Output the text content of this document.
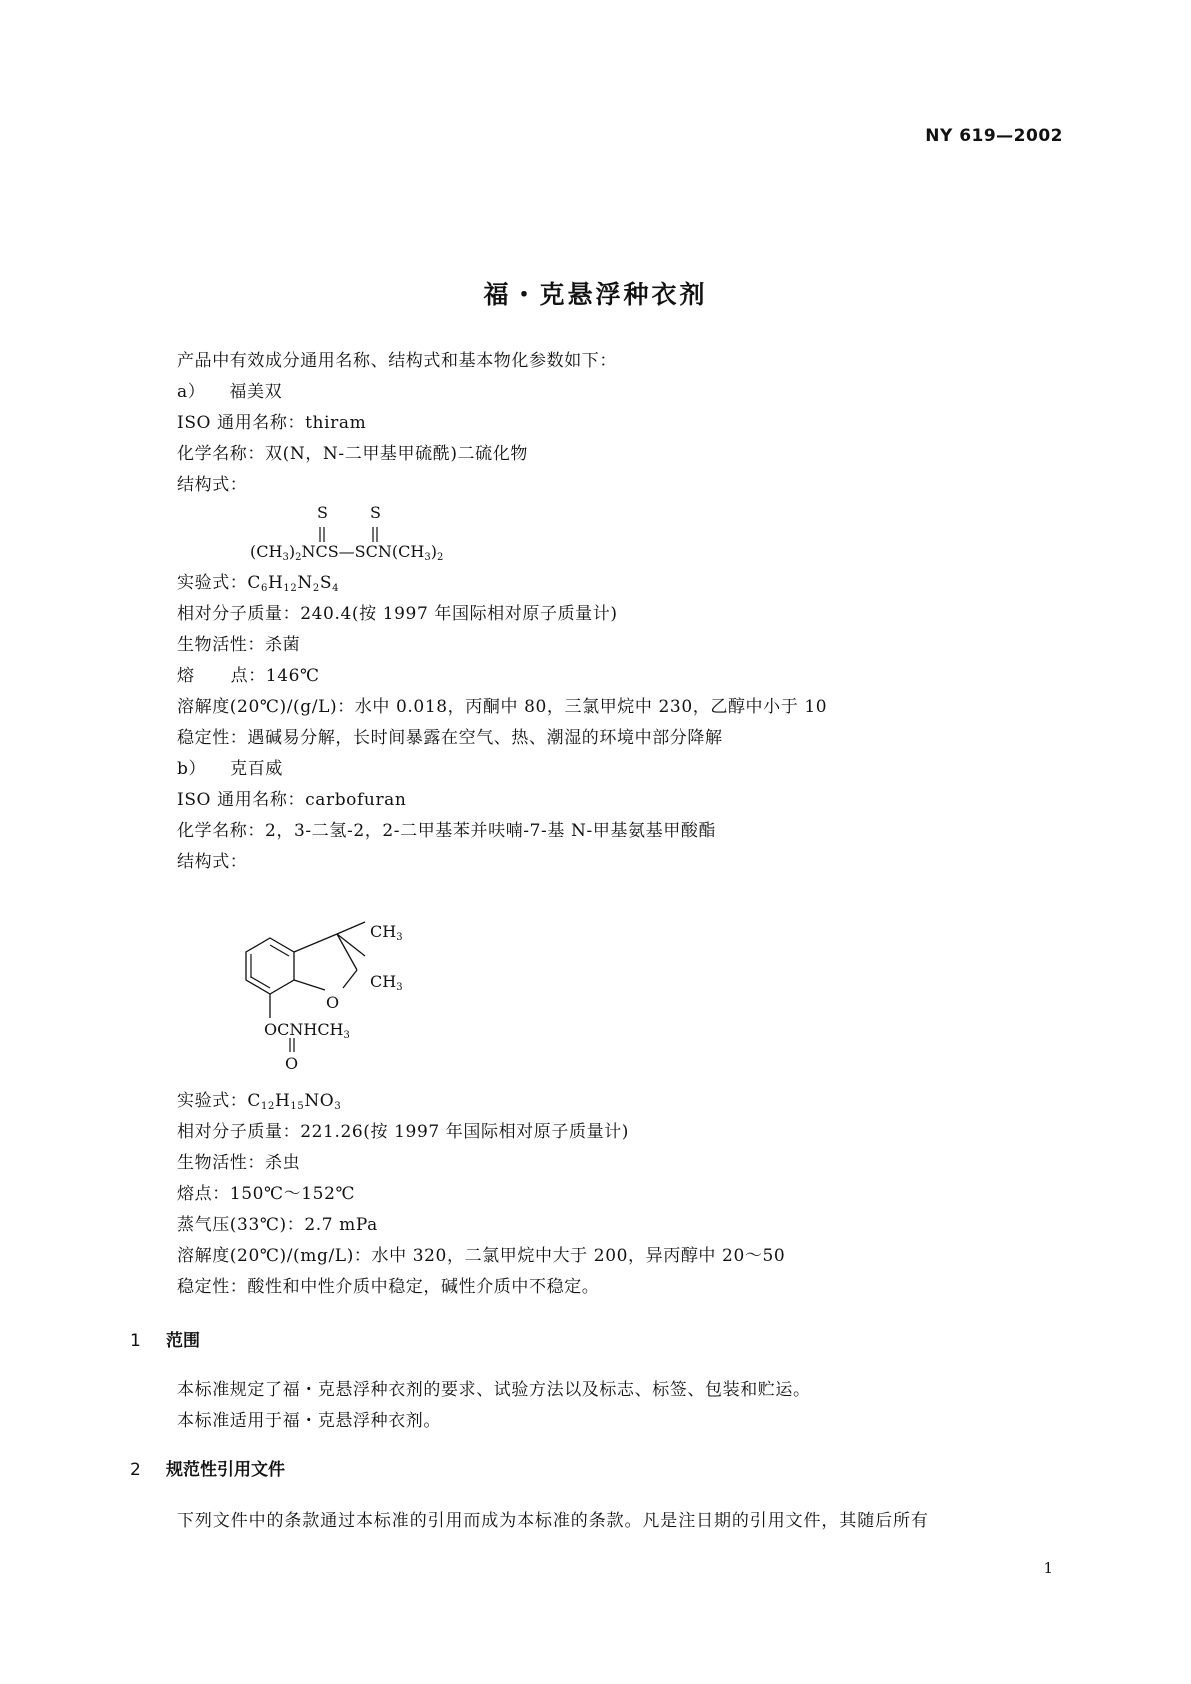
NY 619—2002
福・克悬浮种衣剂
产品中有效成分通用名称、结构式和基本物化参数如下：
a） 福美双
ISO 通用名称：thiram
化学名称：双(N，N-二甲基甲硫酰)二硫化物
结构式：
S	S
$(CH_3)_2NCS—SCN(CH_3)_2$
实验式：$C_6H_{12}N_2S_4$
相对分子质量：240.4(按 1997 年国际相对原子质量计)
生物活性：杀菌
熔 点：146℃
溶解度(20℃)/(g/L)：水中 0.018，丙酮中 80，三氯甲烷中 230，乙醇中小于 10
稳定性：遇碱易分解，长时间暴露在空气、热、潮湿的环境中部分降解
b） 克百威
ISO 通用名称：carbofuran
化学名称：2，3-二氢-2，2-二甲基苯并呋喃-7-基 N-甲基氨基甲酸酯
结构式：
$CH_3$
$CH_3$
O
$OCNHCH_3$
O
实验式：$C_{12}H_{15}NO_3$
相对分子质量：221.26(按 1997 年国际相对原子质量计)
生物活性：杀虫
熔点：150℃～152℃
蒸气压(33℃)：2.7 mPa
溶解度(20℃)/(mg/L)：水中 320，二氯甲烷中大于 200，异丙醇中 20～50
稳定性：酸性和中性介质中稳定，碱性介质中不稳定。
1 范围
本标准规定了福・克悬浮种衣剂的要求、试验方法以及标志、标签、包装和贮运。
本标准适用于福・克悬浮种衣剂。
2 规范性引用文件
下列文件中的条款通过本标准的引用而成为本标准的条款。凡是注日期的引用文件，其随后所有
1
